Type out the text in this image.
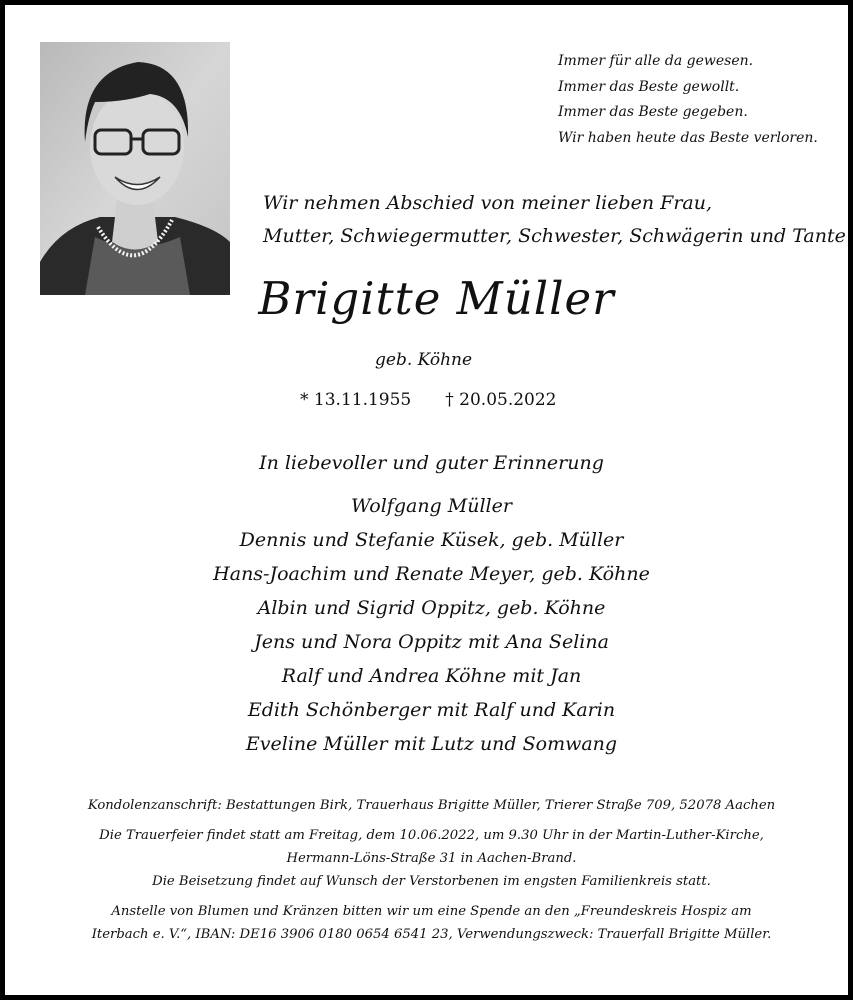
Immer für alle da gewesen.
Immer das Beste gewollt.
Immer das Beste gegeben.
Wir haben heute das Beste verloren.
Wir nehmen Abschied von meiner lieben Frau,
Mutter, Schwiegermutter, Schwester, Schwägerin und Tante
Brigitte Müller
geb. Köhne
* 13.11.1955 † 20.05.2022
In liebevoller und guter Erinnerung
Wolfgang Müller
Dennis und Stefanie Küsek, geb. Müller
Hans-Joachim und Renate Meyer, geb. Köhne
Albin und Sigrid Oppitz, geb. Köhne
Jens und Nora Oppitz mit Ana Selina
Ralf und Andrea Köhne mit Jan
Edith Schönberger mit Ralf und Karin
Eveline Müller mit Lutz und Somwang
Kondolenzanschrift: Bestattungen Birk, Trauerhaus Brigitte Müller, Trierer Straße 709, 52078 Aachen
Die Trauerfeier findet statt am Freitag, dem 10.06.2022, um 9.30 Uhr in der Martin-Luther-Kirche,
Hermann-Löns-Straße 31 in Aachen-Brand.
Die Beisetzung findet auf Wunsch der Verstorbenen im engsten Familienkreis statt.
Anstelle von Blumen und Kränzen bitten wir um eine Spende an den „Freundeskreis Hospiz am
Iterbach e. V.“, IBAN: DE16 3906 0180 0654 6541 23, Verwendungszweck: Trauerfall Brigitte Müller.
